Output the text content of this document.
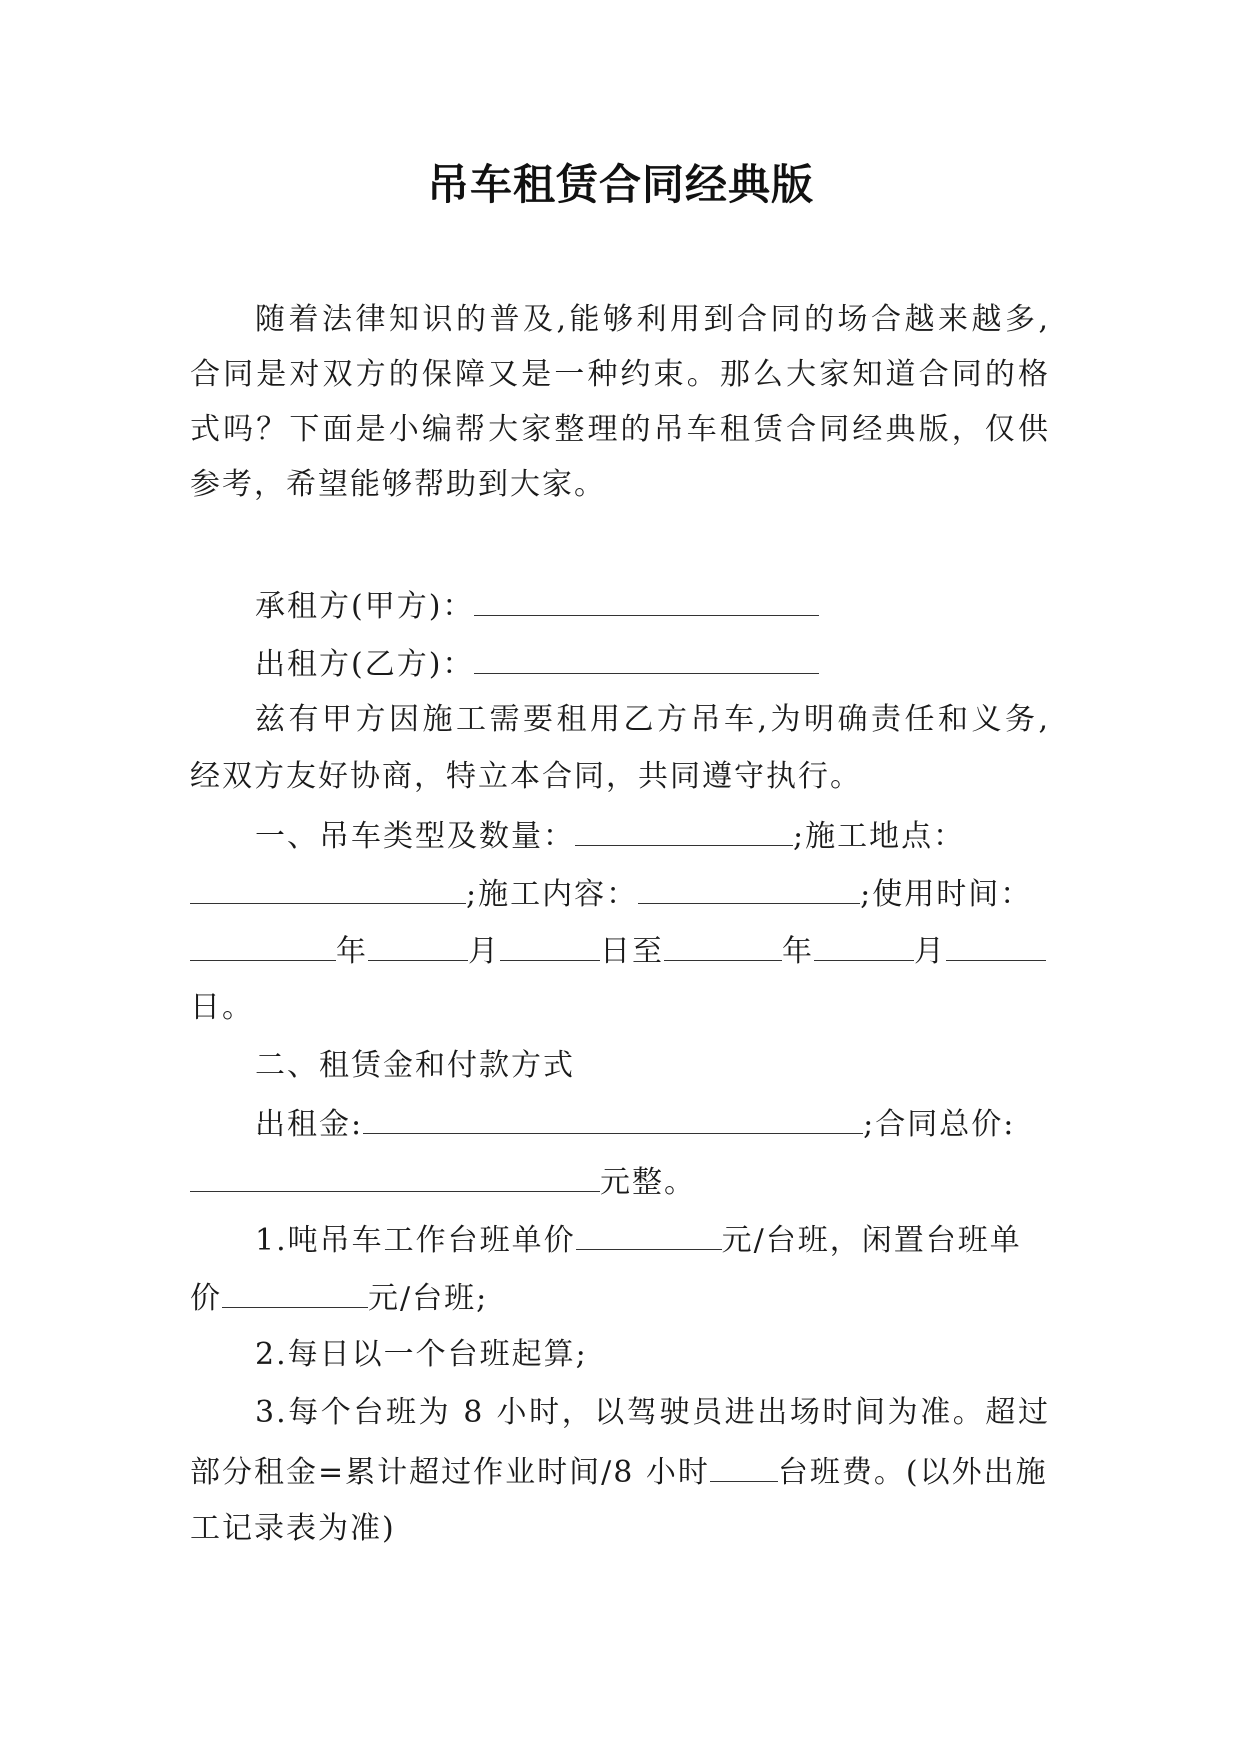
吊车租赁合同经典版
随着法律知识的普及,能够利用到合同的场合越来越多,
合同是对双方的保障又是一种约束。那么大家知道合同的格
式吗？下面是小编帮大家整理的吊车租赁合同经典版，仅供
参考，希望能够帮助到大家。
承租方(甲方)：
出租方(乙方)：
兹有甲方因施工需要租用乙方吊车,为明确责任和义务,
经双方友好协商，特立本合同，共同遵守执行。
一、吊车类型及数量：	;施工地点：
;施工内容：	;使用时间：
年	月	日至	年	月
日。
二、租赁金和付款方式
出租金:	;合同总价:
元整。
1.吨吊车工作台班单价	元/台班，闲置台班单
价	元/台班;
2.每日以一个台班起算;
3.每个台班为 8 小时，以驾驶员进出场时间为准。超过
部分租金=累计超过作业时间/8 小时 台班费。(以外出施
工记录表为准)
